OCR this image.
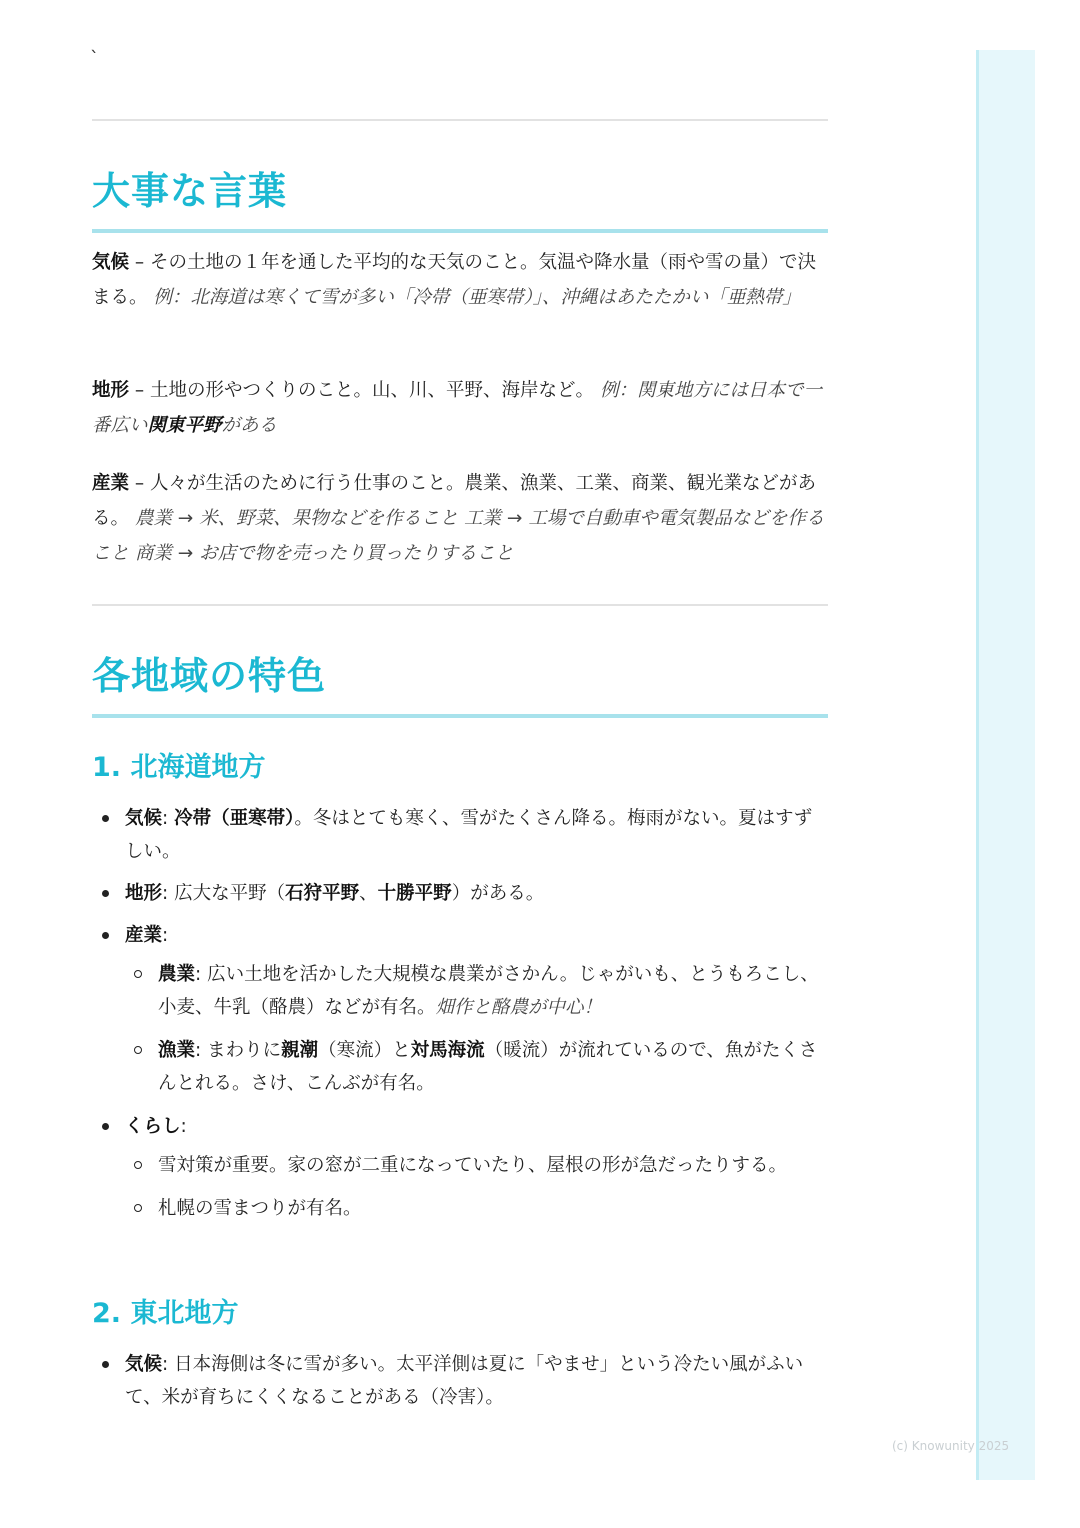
`
大事な言葉
気候 – その土地の１年を通した平均的な天気のこと。気温や降水量（雨や雪の量）で決まる。 例：北海道は寒くて雪が多い「冷帯（亜寒帯）」、沖縄はあたたかい「亜熱帯」
地形 – 土地の形やつくりのこと。山、川、平野、海岸など。 例：関東地方には日本で一番広い関東平野がある
産業 – 人々が生活のために行う仕事のこと。農業、漁業、工業、商業、観光業などがある。 農業 → 米、野菜、果物などを作ること 工業 → 工場で自動車や電気製品などを作ること 商業 → お店で物を売ったり買ったりすること
各地域の特色
1. 北海道地方
気候: 冷帯（亜寒帯）。冬はとても寒く、雪がたくさん降る。梅雨がない。夏はすずしい。
地形: 広大な平野（石狩平野、十勝平野）がある。
産業:
農業: 広い土地を活かした大規模な農業がさかん。じゃがいも、とうもろこし、小麦、牛乳（酪農）などが有名。畑作と酪農が中心！
漁業: まわりに親潮（寒流）と対馬海流（暖流）が流れているので、魚がたくさんとれる。さけ、こんぶが有名。
くらし:
雪対策が重要。家の窓が二重になっていたり、屋根の形が急だったりする。
札幌の雪まつりが有名。
2. 東北地方
気候: 日本海側は冬に雪が多い。太平洋側は夏に「やませ」という冷たい風がふいて、米が育ちにくくなることがある（冷害）。
(c) Knowunity 2025
